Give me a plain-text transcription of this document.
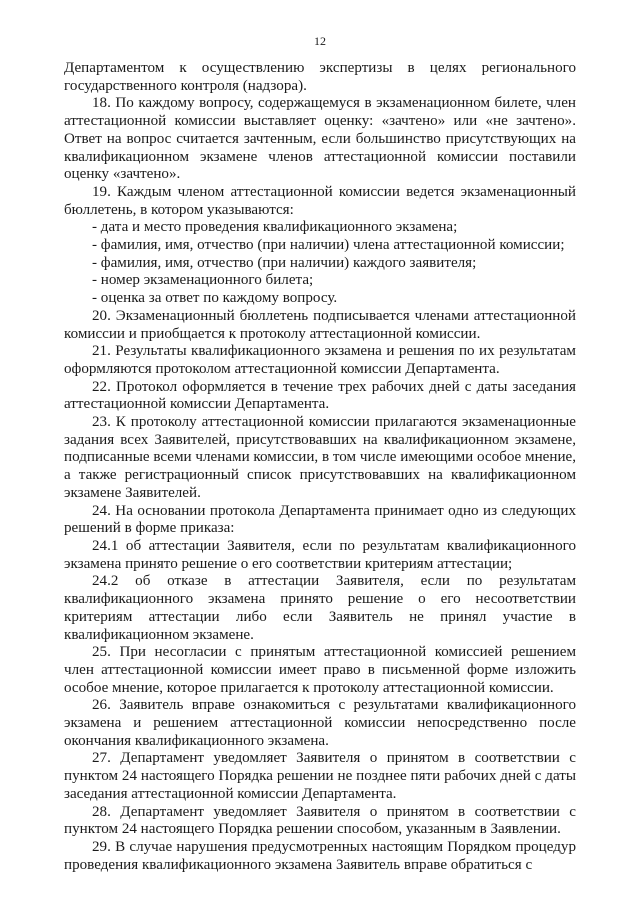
12

Департаментом к осуществлению экспертизы в целях регионального государственного контроля (надзора).

18. По каждому вопросу, содержащемуся в экзаменационном билете, член аттестационной комиссии выставляет оценку: «зачтено» или «не зачтено». Ответ на вопрос считается зачтенным, если большинство присутствующих на квалификационном экзамене членов аттестационной комиссии поставили оценку «зачтено».

19. Каждым членом аттестационной комиссии ведется экзаменационный бюллетень, в котором указываются:

- дата и место проведения квалификационного экзамена;

- фамилия, имя, отчество (при наличии) члена аттестационной комиссии;

- фамилия, имя, отчество (при наличии) каждого заявителя;

- номер экзаменационного билета;

- оценка за ответ по каждому вопросу.

20. Экзаменационный бюллетень подписывается членами аттестационной комиссии и приобщается к протоколу аттестационной комиссии.

21. Результаты квалификационного экзамена и решения по их результатам оформляются протоколом аттестационной комиссии Департамента.

22. Протокол оформляется в течение трех рабочих дней с даты заседания аттестационной комиссии Департамента.

23. К протоколу аттестационной комиссии прилагаются экзаменационные задания всех Заявителей, присутствовавших на квалификационном экзамене, подписанные всеми членами комиссии, в том числе имеющими особое мнение, а также регистрационный список присутствовавших на квалификационном экзамене Заявителей.

24. На основании протокола Департамента принимает одно из следующих решений в форме приказа:

24.1 об аттестации Заявителя, если по результатам квалификационного экзамена принято решение о его соответствии критериям аттестации;

24.2 об отказе в аттестации Заявителя, если по результатам квалификационного экзамена принято решение о его несоответствии критериям аттестации либо если Заявитель не принял участие в квалификационном экзамене.

25. При несогласии с принятым аттестационной комиссией решением член аттестационной комиссии имеет право в письменной форме изложить особое мнение, которое прилагается к протоколу аттестационной комиссии.

26. Заявитель вправе ознакомиться с результатами квалификационного экзамена и решением аттестационной комиссии непосредственно после окончания квалификационного экзамена.

27. Департамент уведомляет Заявителя о принятом в соответствии с пунктом 24 настоящего Порядка решении не позднее пяти рабочих дней с даты заседания аттестационной комиссии Департамента.

28. Департамент уведомляет Заявителя о принятом в соответствии с пунктом 24 настоящего Порядка решении способом, указанным в Заявлении.

29. В случае нарушения предусмотренных настоящим Порядком процедур проведения квалификационного экзамена Заявитель вправе обратиться с
